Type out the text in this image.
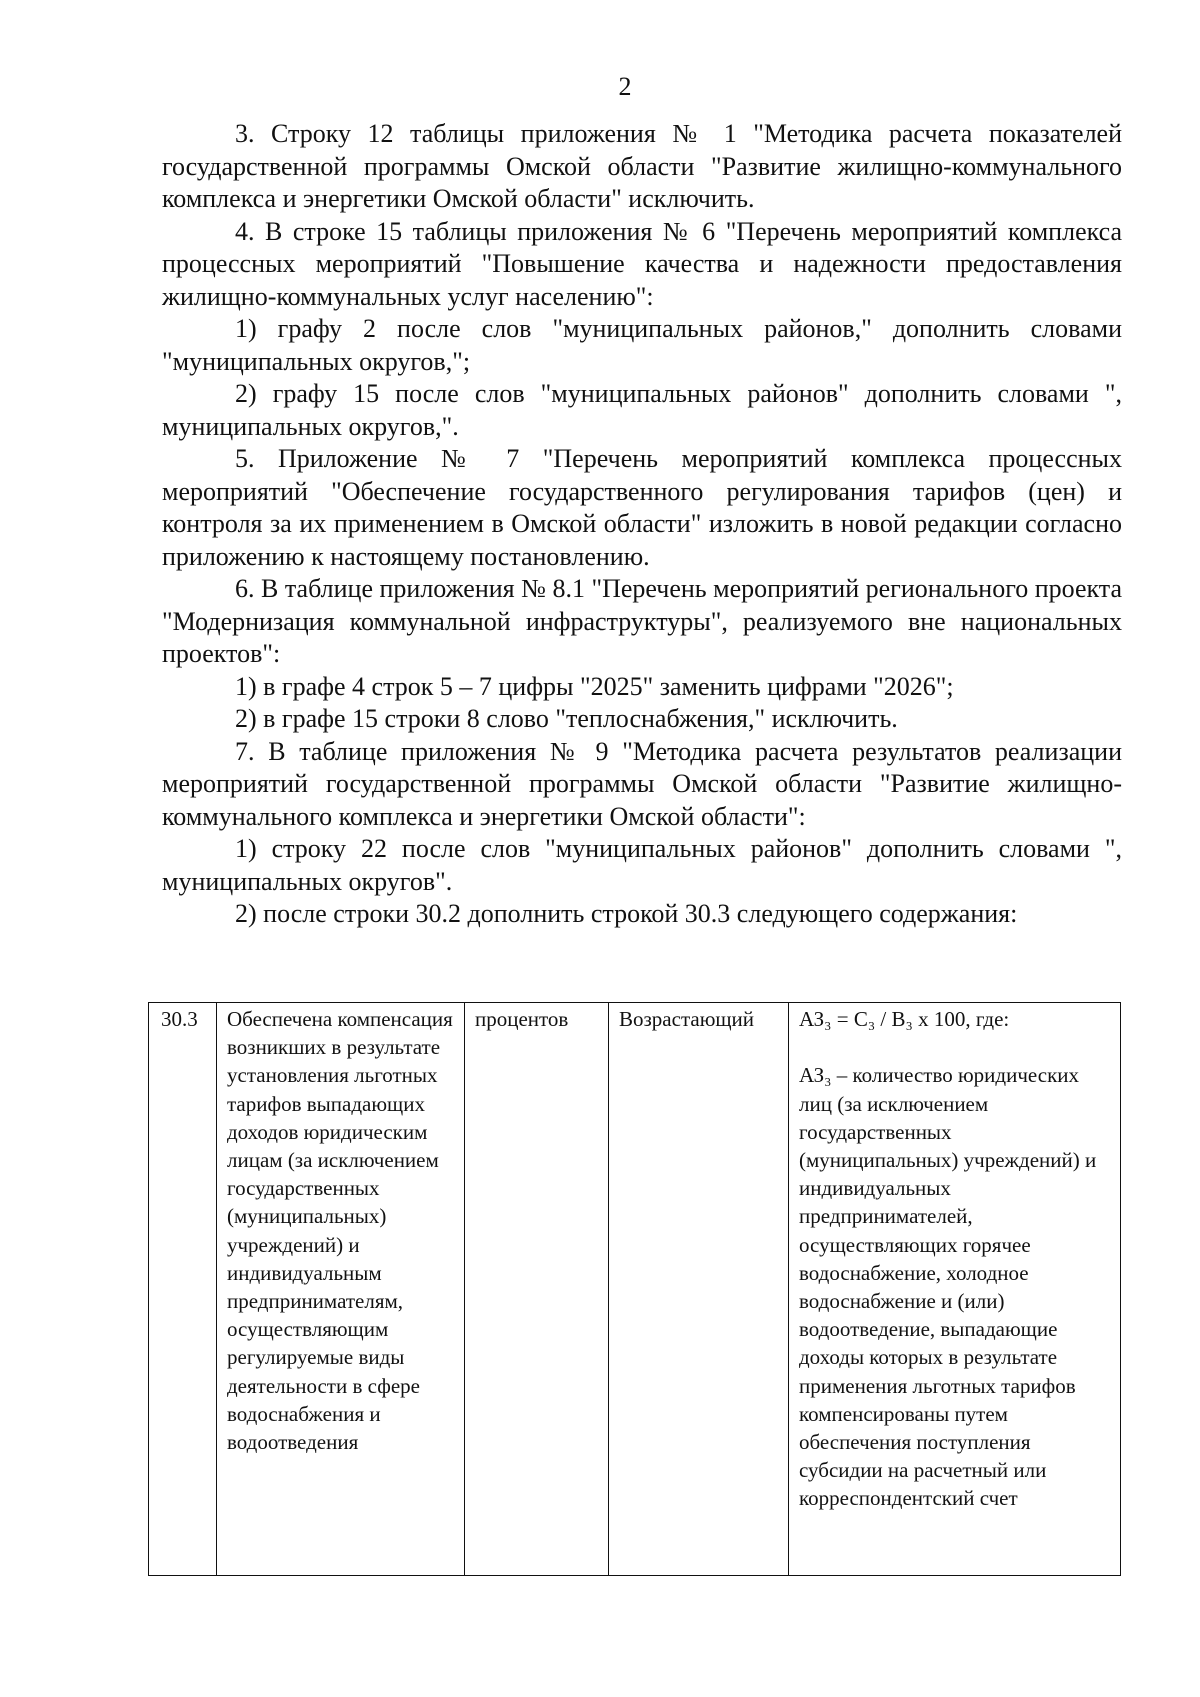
2

3. Строку 12 таблицы приложения № 1 "Методика расчета показателей государственной программы Омской области "Развитие жилищно-коммунального комплекса и энергетики Омской области" исключить.

4. В строке 15 таблицы приложения № 6 "Перечень мероприятий комплекса процессных мероприятий "Повышение качества и надежности предоставления жилищно-коммунальных услуг населению":

1) графу 2 после слов "муниципальных районов," дополнить словами "муниципальных округов,";

2) графу 15 после слов "муниципальных районов" дополнить словами ", муниципальных округов,".

5. Приложение № 7 "Перечень мероприятий комплекса процессных мероприятий "Обеспечение государственного регулирования тарифов (цен) и контроля за их применением в Омской области" изложить в новой редакции согласно приложению к настоящему постановлению.

6. В таблице приложения № 8.1 "Перечень мероприятий регионального проекта "Модернизация коммунальной инфраструктуры", реализуемого вне национальных проектов":

1) в графе 4 строк 5 – 7 цифры "2025" заменить цифрами "2026";

2) в графе 15 строки 8 слово "теплоснабжения," исключить.

7. В таблице приложения № 9 "Методика расчета результатов реализации мероприятий государственной программы Омской области "Развитие жилищно-коммунального комплекса и энергетики Омской области":

1) строку 22 после слов "муниципальных районов" дополнить словами ", муниципальных округов".

2) после строки 30.2 дополнить строкой 30.3 следующего содержания:

30.3	Обеспечена компенсация возникших в результате установления льготных тарифов выпадающих доходов юридическим лицам (за исключением государственных (муниципальных) учреждений) и индивидуальным предпринимателям, осуществляющим регулируемые виды деятельности в сфере водоснабжения и водоотведения	процентов	Возрастающий	АЗ₃ = С₃ / В₃ х 100, где:
АЗ₃ – количество юридических лиц (за исключением государственных (муниципальных) учреждений) и индивидуальных предпринимателей, осуществляющих горячее водоснабжение, холодное водоснабжение и (или) водоотведение, выпадающие доходы которых в результате применения льготных тарифов компенсированы путем обеспечения поступления субсидии на расчетный или корреспондентский счет
